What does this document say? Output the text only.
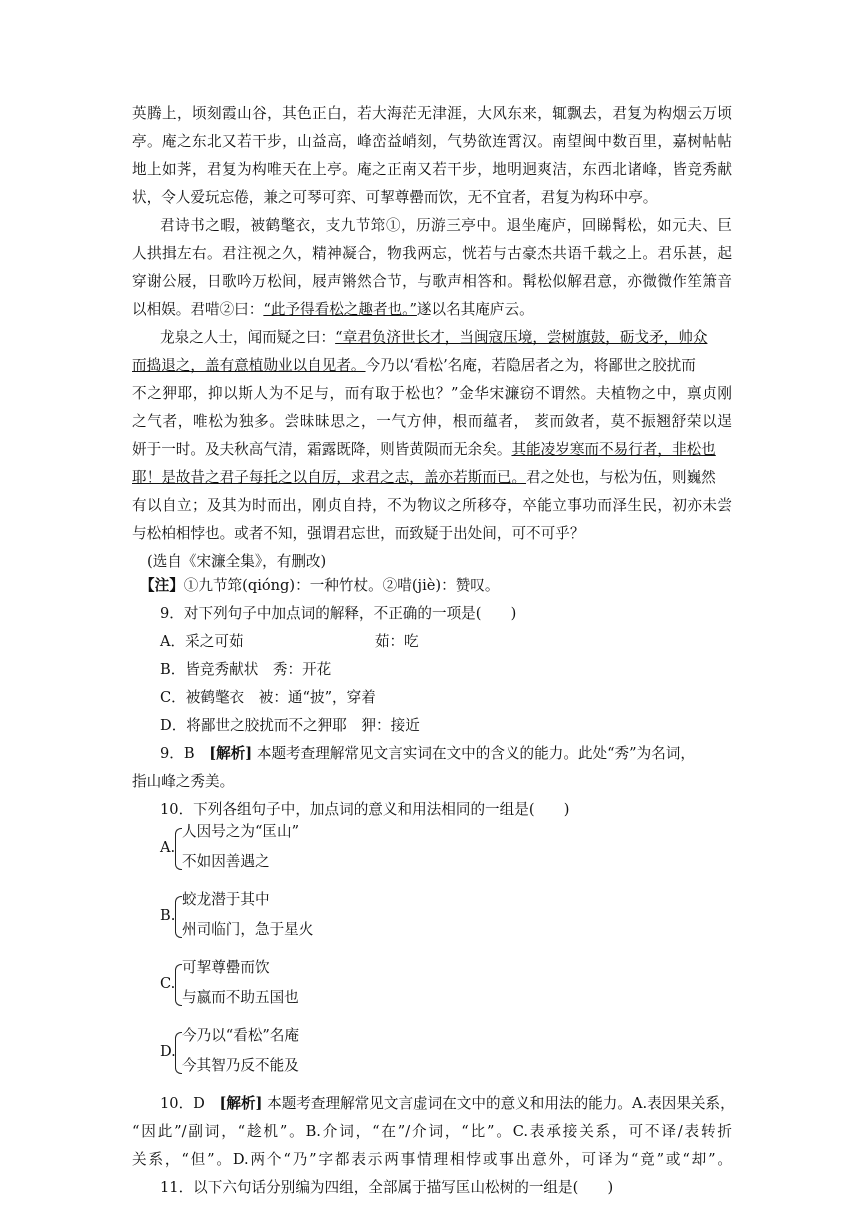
英腾上，顷刻霞山谷，其色正白，若大海茫无津涯，大风东来，辄飘去，君复为构烟云万顷
亭。庵之东北又若干步，山益高，峰峦益峭刻，气势欲连霄汉。南望闽中数百里，嘉树帖帖
地上如荠，君复为构唯天在上亭。庵之正南又若干步，地明迥爽洁，东西北诸峰，皆竞秀献
状，令人爱玩忘倦，兼之可琴可弈、可挈尊罍而饮，无不宜者，君复为构环中亭。
君诗书之暇，被鹤氅衣，支九节筇①，历游三亭中。退坐庵庐，回睇髯松，如元夫、巨
人拱揖左右。君注视之久，精神凝合，物我两忘，恍若与古豪杰共语千载之上。君乐甚，起
穿谢公屐，日歌吟万松间，屐声锵然合节，与歌声相答和。髯松似解君意，亦微微作笙箫音
以相娱。君唶②曰：“此予得看松之趣者也。”遂以名其庵庐云。
龙泉之人士，闻而疑之曰：“章君负济世长才，当闽寇压境，尝树旗鼓，砺戈矛，帅众
而捣退之，盖有意植勋业以自见者。今乃以‘看松’名庵，若隐居者之为，将鄙世之胶扰而
不之狎耶，抑以斯人为不足与，而有取于松也？”金华宋濂窃不谓然。夫植物之中，禀贞刚
之气者，唯松为独多。尝昧昧思之，一气方伸，根而蕴者， 荄而敛者，莫不振翘舒荣以逞
妍于一时。及夫秋高气清，霜露既降，则皆黄陨而无余矣。其能凌岁寒而不易行者，非松也
耶！是故昔之君子每托之以自厉，求君之志，盖亦若斯而已。君之处也，与松为伍，则巍然
有以自立；及其为时而出，刚贞自持，不为物议之所移夺，卒能立事功而泽生民，初亦未尝
与松柏相悖也。或者不知，强谓君忘世，而致疑于出处间，可不可乎？
(选自《宋濂全集》，有删改)
【注】①九节筇(qióng)：一种竹杖。②唶(jiè)：赞叹。
9．对下列句子中加点词的解释，不正确的一项是(　　)
A．采之可茹　　　　　　　　　茹：吃
B．皆竞秀献状　秀：开花
C．被鹤氅衣　被：通“披”，穿着
D．将鄙世之胶扰而不之狎耶　狎：接近
9．B　[解析] 本题考查理解常见文言实词在文中的含义的能力。此处“秀”为名词，
指山峰之秀美。
10．下列各组句子中，加点词的意义和用法相同的一组是(　　)
A.
人因号之为“匡山”
不如因善遇之
B.
蛟龙潜于其中
州司临门，急于星火
C.
可挈尊罍而饮
与嬴而不助五国也
D.
今乃以“看松”名庵
今其智乃反不能及
10．D　[解析] 本题考查理解常见文言虚词在文中的意义和用法的能力。A.表因果关系，
“因此”/副词，“趁机”。B.介词，“在”/介词，“比”。C.表承接关系，可不译/表转折
关系，“但”。D.两个“乃”字都表示两事情理相悖或事出意外，可译为“竟”或“却”。
11．以下六句话分别编为四组，全部属于描写匡山松树的一组是(　　)
